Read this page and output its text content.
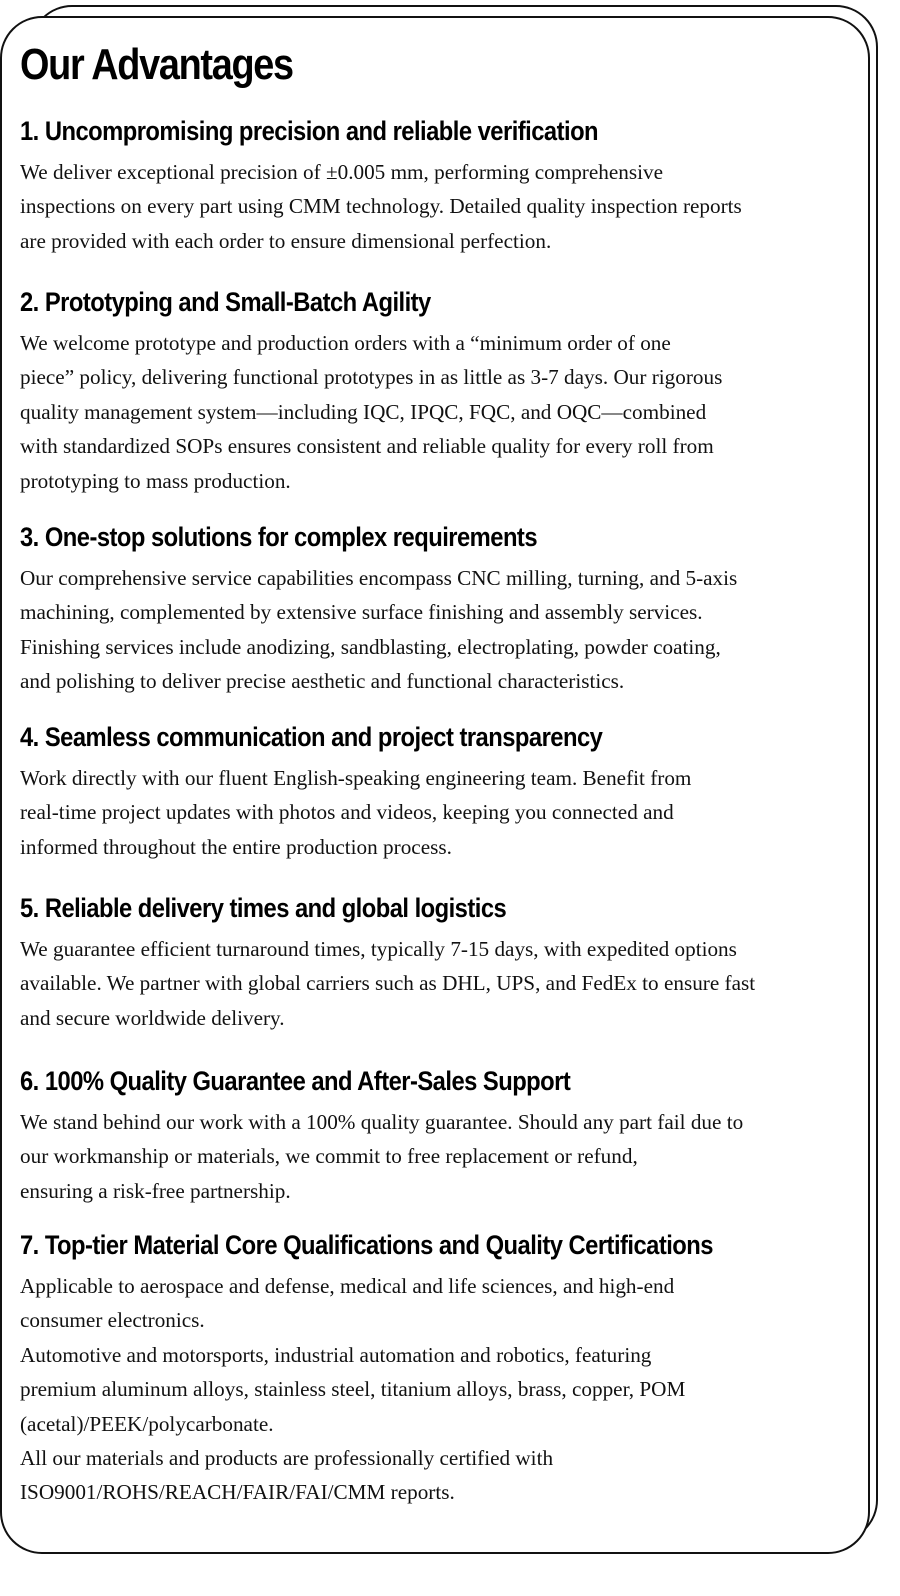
Our Advantages
1. Uncompromising precision and reliable verification

We deliver exceptional precision of ±0.005 mm, performing comprehensive
inspections on every part using CMM technology. Detailed quality inspection reports
are provided with each order to ensure dimensional perfection.

2. Prototyping and Small-Batch Agility

We welcome prototype and production orders with a “minimum order of one
piece” policy, delivering functional prototypes in as little as 3-7 days. Our rigorous
quality management system—including IQC, IPQC, FQC, and OQC—combined
with standardized SOPs ensures consistent and reliable quality for every roll from
prototyping to mass production.

3. One-stop solutions for complex requirements

Our comprehensive service capabilities encompass CNC milling, turning, and 5-axis
machining, complemented by extensive surface finishing and assembly services.
Finishing services include anodizing, sandblasting, electroplating, powder coating,
and polishing to deliver precise aesthetic and functional characteristics.

4. Seamless communication and project transparency

Work directly with our fluent English-speaking engineering team. Benefit from
real-time project updates with photos and videos, keeping you connected and
informed throughout the entire production process.

5. Reliable delivery times and global logistics

We guarantee efficient turnaround times, typically 7-15 days, with expedited options
available. We partner with global carriers such as DHL, UPS, and FedEx to ensure fast
and secure worldwide delivery.

6. 100% Quality Guarantee and After-Sales Support

We stand behind our work with a 100% quality guarantee. Should any part fail due to
our workmanship or materials, we commit to free replacement or refund,
ensuring a risk-free partnership.

7. Top-tier Material Core Qualifications and Quality Certifications

Applicable to aerospace and defense, medical and life sciences, and high-end
consumer electronics.
Automotive and motorsports, industrial automation and robotics, featuring
premium aluminum alloys, stainless steel, titanium alloys, brass, copper, POM
(acetal)/PEEK/polycarbonate.
All our materials and products are professionally certified with
ISO9001/ROHS/REACH/FAIR/FAI/CMM reports.
